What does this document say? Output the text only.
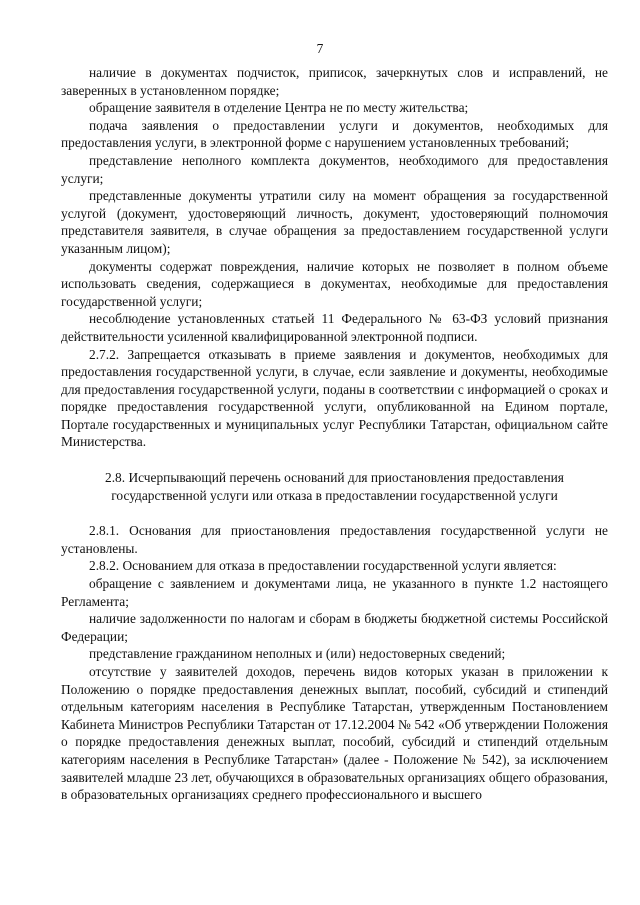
7

наличие в документах подчисток, приписок, зачеркнутых слов и исправлений, не заверенных в установленном порядке;

обращение заявителя в отделение Центра не по месту жительства;

подача заявления о предоставлении услуги и документов, необходимых для предоставления услуги, в электронной форме с нарушением установленных требований;

представление неполного комплекта документов, необходимого для предоставления услуги;

представленные документы утратили силу на момент обращения за государственной услугой (документ, удостоверяющий личность, документ, удостоверяющий полномочия представителя заявителя, в случае обращения за предоставлением государственной услуги указанным лицом);

документы содержат повреждения, наличие которых не позволяет в полном объеме использовать сведения, содержащиеся в документах, необходимые для предоставления государственной услуги;

несоблюдение установленных статьей 11 Федерального № 63-ФЗ условий признания действительности усиленной квалифицированной электронной подписи.

2.7.2. Запрещается отказывать в приеме заявления и документов, необходимых для предоставления государственной услуги, в случае, если заявление и документы, необходимые для предоставления государственной услуги, поданы в соответствии с информацией о сроках и порядке предоставления государственной услуги, опубликованной на Едином портале, Портале государственных и муниципальных услуг Республики Татарстан, официальном сайте Министерства.

2.8. Исчерпывающий перечень оснований для приостановления предоставления государственной услуги или отказа в предоставлении государственной услуги

2.8.1. Основания для приостановления предоставления государственной услуги не установлены.

2.8.2. Основанием для отказа в предоставлении государственной услуги является:

обращение с заявлением и документами лица, не указанного в пункте 1.2 настоящего Регламента;

наличие задолженности по налогам и сборам в бюджеты бюджетной системы Российской Федерации;

представление гражданином неполных и (или) недостоверных сведений;

отсутствие у заявителей доходов, перечень видов которых указан в приложении к Положению о порядке предоставления денежных выплат, пособий, субсидий и стипендий отдельным категориям населения в Республике Татарстан, утвержденным Постановлением Кабинета Министров Республики Татарстан от 17.12.2004 № 542 «Об утверждении Положения о порядке предоставления денежных выплат, пособий, субсидий и стипендий отдельным категориям населения в Республике Татарстан» (далее - Положение № 542), за исключением заявителей младше 23 лет, обучающихся в образовательных организациях общего образования, в образовательных организациях среднего профессионального и высшего
